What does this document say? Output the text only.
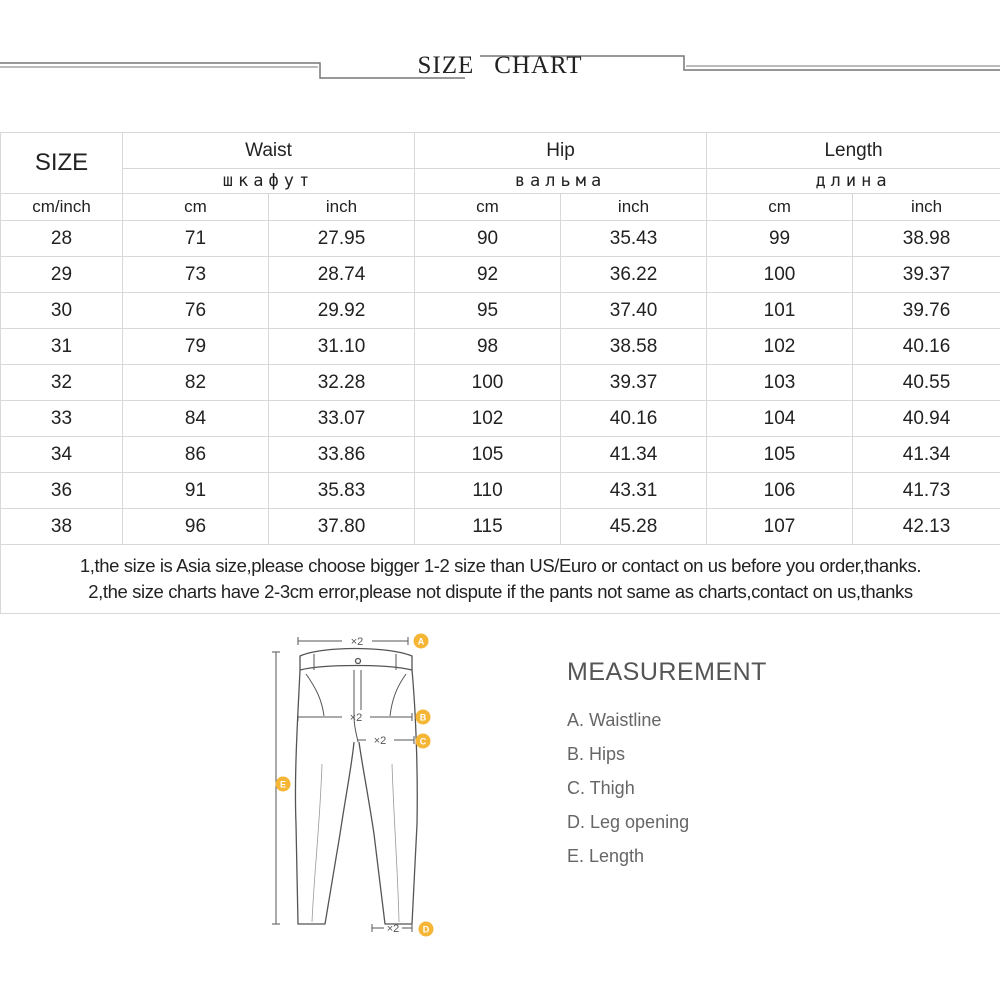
SIZE CHART
SIZE	Waist		Hip		Length	
	шкафут		вальма		длина	
cm/inch	cm	inch	cm	inch	cm	inch
28	71	27.95	90	35.43	99	38.98
29	73	28.74	92	36.22	100	39.37
30	76	29.92	95	37.40	101	39.76
31	79	31.10	98	38.58	102	40.16
32	82	32.28	100	39.37	103	40.55
33	84	33.07	102	40.16	104	40.94
34	86	33.86	105	41.34	105	41.34
36	91	35.83	110	43.31	106	41.73
38	96	37.80	115	45.28	107	42.13

1,the size is Asia size,please choose bigger 1-2 size than US/Euro or contact on us before you order,thanks.
2,the size charts have 2-3cm error,please not dispute if the pants not same as charts,contact on us,thanks						
×2
×2
×2
×2
A
B
C
D
E
MEASUREMENT
A. Waistline
B. Hips
C. Thigh
D. Leg opening
E. Length
